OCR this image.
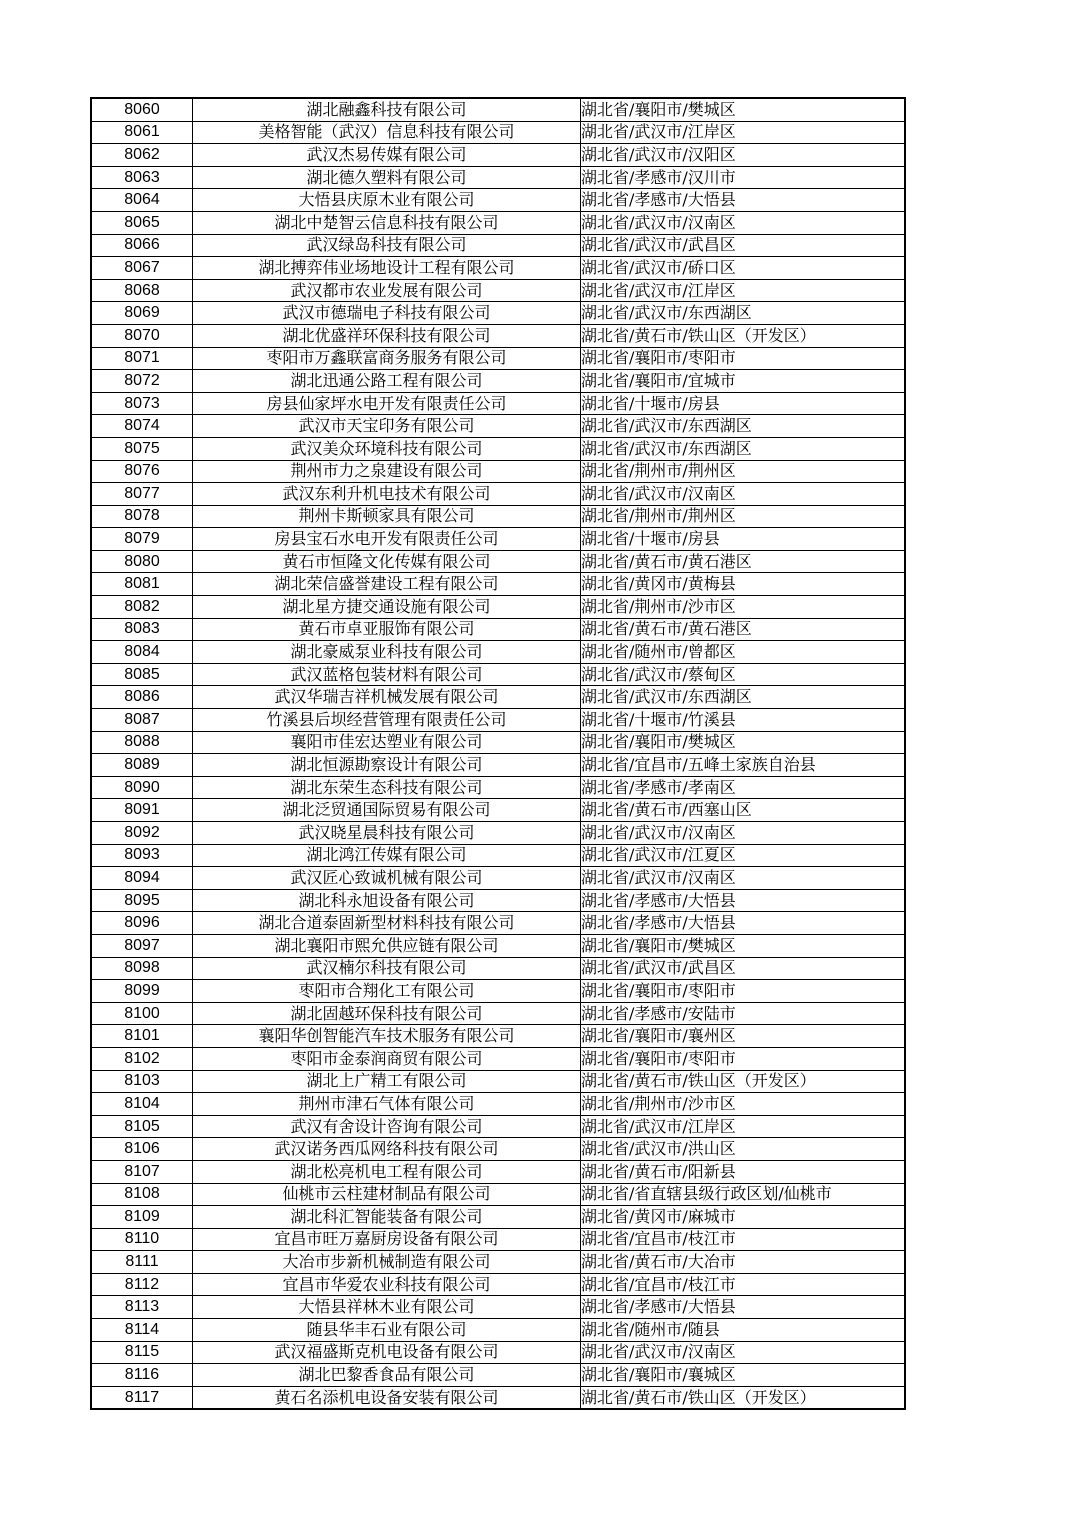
8060	湖北融鑫科技有限公司	湖北省/襄阳市/樊城区
8061	美格智能（武汉）信息科技有限公司	湖北省/武汉市/江岸区
8062	武汉杰易传媒有限公司	湖北省/武汉市/汉阳区
8063	湖北德久塑料有限公司	湖北省/孝感市/汉川市
8064	大悟县庆原木业有限公司	湖北省/孝感市/大悟县
8065	湖北中楚智云信息科技有限公司	湖北省/武汉市/汉南区
8066	武汉绿岛科技有限公司	湖北省/武汉市/武昌区
8067	湖北搏弈伟业场地设计工程有限公司	湖北省/武汉市/硚口区
8068	武汉都市农业发展有限公司	湖北省/武汉市/江岸区
8069	武汉市德瑞电子科技有限公司	湖北省/武汉市/东西湖区
8070	湖北优盛祥环保科技有限公司	湖北省/黄石市/铁山区（开发区）
8071	枣阳市万鑫联富商务服务有限公司	湖北省/襄阳市/枣阳市
8072	湖北迅通公路工程有限公司	湖北省/襄阳市/宜城市
8073	房县仙家坪水电开发有限责任公司	湖北省/十堰市/房县
8074	武汉市天宝印务有限公司	湖北省/武汉市/东西湖区
8075	武汉美众环境科技有限公司	湖北省/武汉市/东西湖区
8076	荆州市力之泉建设有限公司	湖北省/荆州市/荆州区
8077	武汉东利升机电技术有限公司	湖北省/武汉市/汉南区
8078	荆州卡斯顿家具有限公司	湖北省/荆州市/荆州区
8079	房县宝石水电开发有限责任公司	湖北省/十堰市/房县
8080	黄石市恒隆文化传媒有限公司	湖北省/黄石市/黄石港区
8081	湖北荣信盛誉建设工程有限公司	湖北省/黄冈市/黄梅县
8082	湖北星方捷交通设施有限公司	湖北省/荆州市/沙市区
8083	黄石市卓亚服饰有限公司	湖北省/黄石市/黄石港区
8084	湖北豪威泵业科技有限公司	湖北省/随州市/曾都区
8085	武汉蓝格包装材料有限公司	湖北省/武汉市/蔡甸区
8086	武汉华瑞吉祥机械发展有限公司	湖北省/武汉市/东西湖区
8087	竹溪县后坝经营管理有限责任公司	湖北省/十堰市/竹溪县
8088	襄阳市佳宏达塑业有限公司	湖北省/襄阳市/樊城区
8089	湖北恒源勘察设计有限公司	湖北省/宜昌市/五峰土家族自治县
8090	湖北东荣生态科技有限公司	湖北省/孝感市/孝南区
8091	湖北泛贸通国际贸易有限公司	湖北省/黄石市/西塞山区
8092	武汉晓星晨科技有限公司	湖北省/武汉市/汉南区
8093	湖北鸿江传媒有限公司	湖北省/武汉市/江夏区
8094	武汉匠心致诚机械有限公司	湖北省/武汉市/汉南区
8095	湖北科永旭设备有限公司	湖北省/孝感市/大悟县
8096	湖北合道泰固新型材料科技有限公司	湖北省/孝感市/大悟县
8097	湖北襄阳市熙允供应链有限公司	湖北省/襄阳市/樊城区
8098	武汉楠尔科技有限公司	湖北省/武汉市/武昌区
8099	枣阳市合翔化工有限公司	湖北省/襄阳市/枣阳市
8100	湖北固越环保科技有限公司	湖北省/孝感市/安陆市
8101	襄阳华创智能汽车技术服务有限公司	湖北省/襄阳市/襄州区
8102	枣阳市金泰润商贸有限公司	湖北省/襄阳市/枣阳市
8103	湖北上广精工有限公司	湖北省/黄石市/铁山区（开发区）
8104	荆州市津石气体有限公司	湖北省/荆州市/沙市区
8105	武汉有舍设计咨询有限公司	湖北省/武汉市/江岸区
8106	武汉诺务西瓜网络科技有限公司	湖北省/武汉市/洪山区
8107	湖北松亮机电工程有限公司	湖北省/黄石市/阳新县
8108	仙桃市云柱建材制品有限公司	湖北省/省直辖县级行政区划/仙桃市
8109	湖北科汇智能装备有限公司	湖北省/黄冈市/麻城市
8110	宜昌市旺万嘉厨房设备有限公司	湖北省/宜昌市/枝江市
8111	大冶市步新机械制造有限公司	湖北省/黄石市/大冶市
8112	宜昌市华爱农业科技有限公司	湖北省/宜昌市/枝江市
8113	大悟县祥林木业有限公司	湖北省/孝感市/大悟县
8114	随县华丰石业有限公司	湖北省/随州市/随县
8115	武汉福盛斯克机电设备有限公司	湖北省/武汉市/汉南区
8116	湖北巴黎香食品有限公司	湖北省/襄阳市/襄城区
8117	黄石名添机电设备安装有限公司	湖北省/黄石市/铁山区（开发区）
